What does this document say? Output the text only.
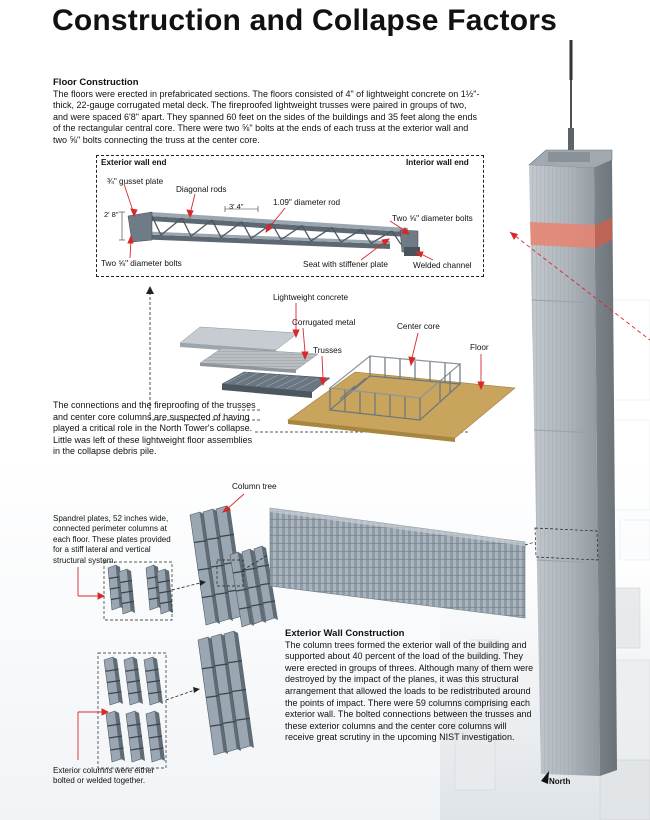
Construction and Collapse Factors
Floor Construction
The floors were erected in prefabricated sections. The floors consisted of 4" of lightweight concrete on 1½"-thick, 22-gauge corrugated metal deck. The fireproofed lightweight trusses were paired in groups of two, and were spaced 6'8" apart. They spanned 60 feet on the sides of the buildings and 35 feet along the ends of the rectangular central core. There were two ⅝" bolts at the ends of each truss at the exterior wall and two ⅝" bolts connecting the truss at the center core.
Exterior wall end	Interior wall end
¾" gusset plate
Diagonal rods
3' 4"
2' 8"
1.09" diameter rod
Two ⅝" diameter bolts
Two ⅝" diameter bolts	Seat with stiffener plate	Welded channel
Lightweight concrete
Corrugated metal	Center core
Trusses	Floor
The connections and the fireproofing of the trusses and center core columns are suspected of having played a critical role in the North Tower's collapse. Little was left of these lightweight floor assemblies in the collapse debris pile.
Column tree
Spandrel plates, 52 inches wide, connected perimeter columns at each floor. These plates provided for a stiff lateral and vertical structural system.
Exterior Wall Construction
The column trees formed the exterior wall of the building and supported about 40 percent of the load of the building. They were erected in groups of threes. Although many of them were destroyed by the impact of the planes, it was this structural arrangement that allowed the loads to be redistributed around the points of impact. There were 59 columns comprising each exterior wall. The bolted connections between the trusses and these exterior columns and the center core columns will receive great scrutiny in the upcoming NIST investigation.
Exterior columns were either bolted or welded together.	North
